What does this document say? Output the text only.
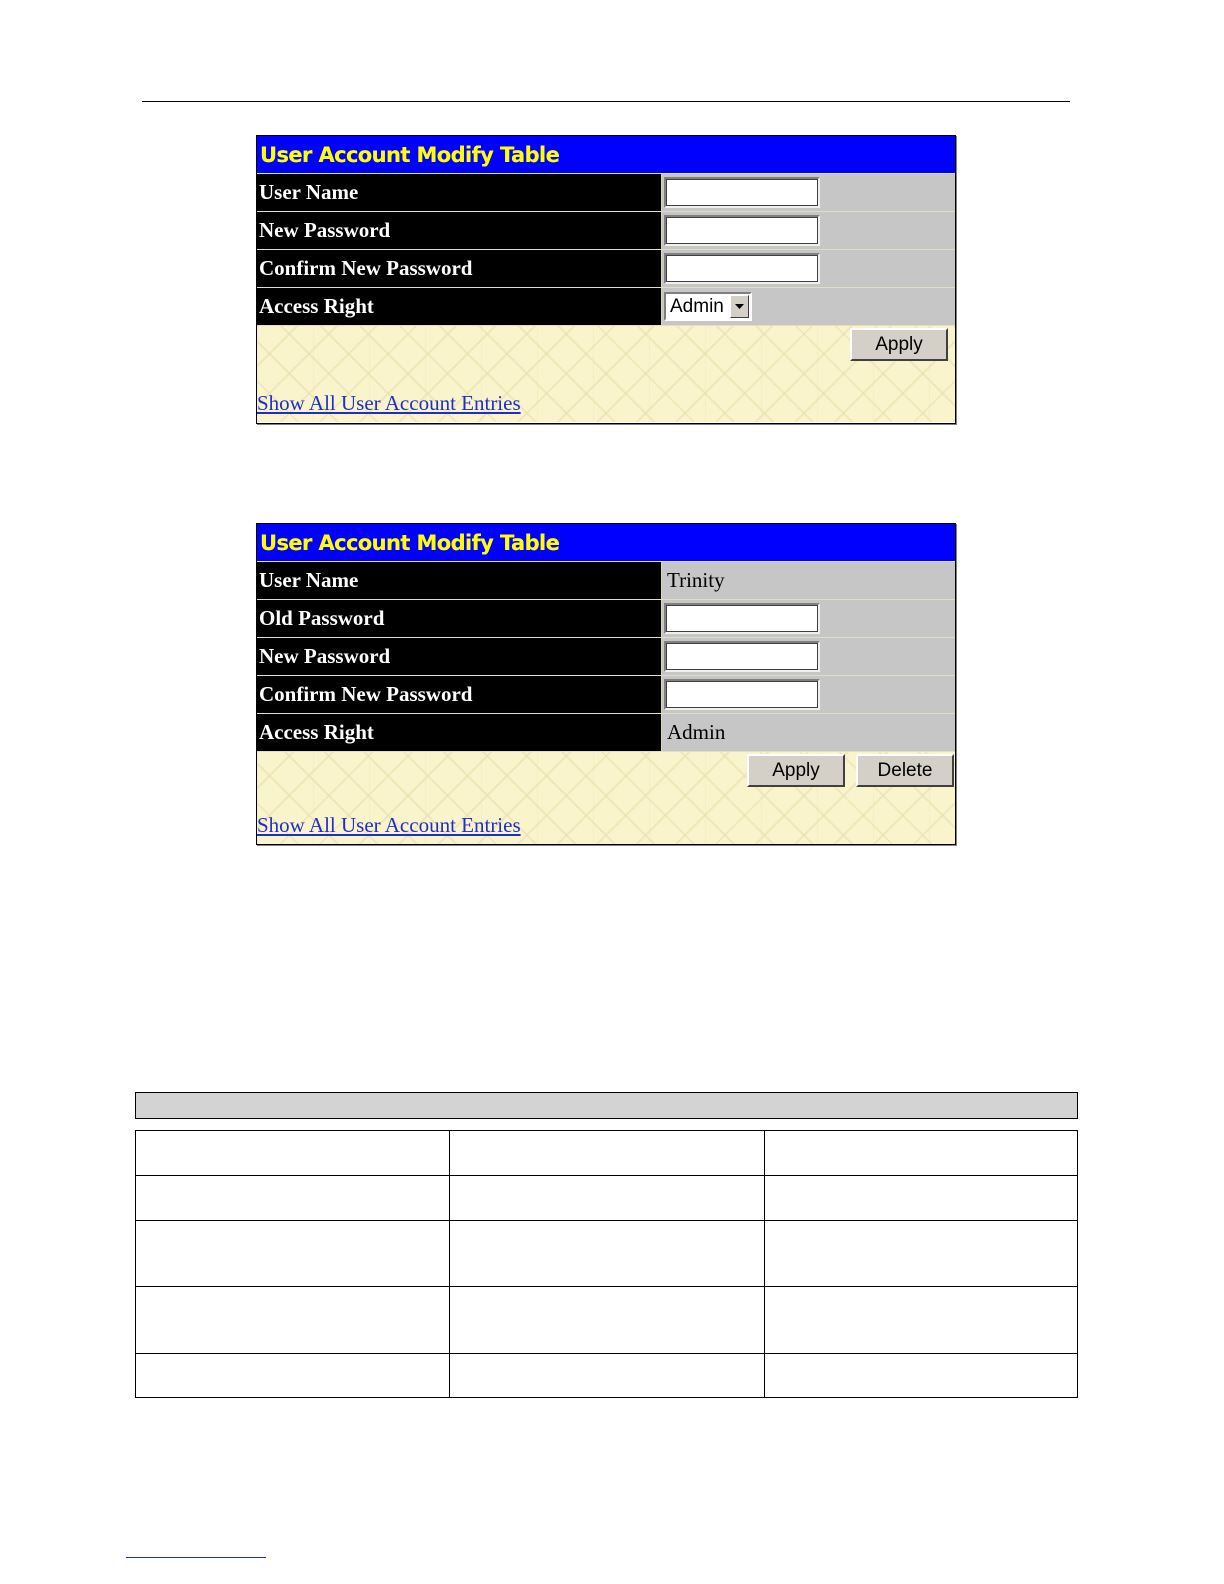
User Account Modify Table
User Name
New Password
Confirm New Password
Access Right	Admin
Apply
Show All User Account Entries
User Account Modify Table
User Name	Trinity
Old Password
New Password
Confirm New Password
Access Right	Admin
Apply	Delete
Show All User Account Entries
